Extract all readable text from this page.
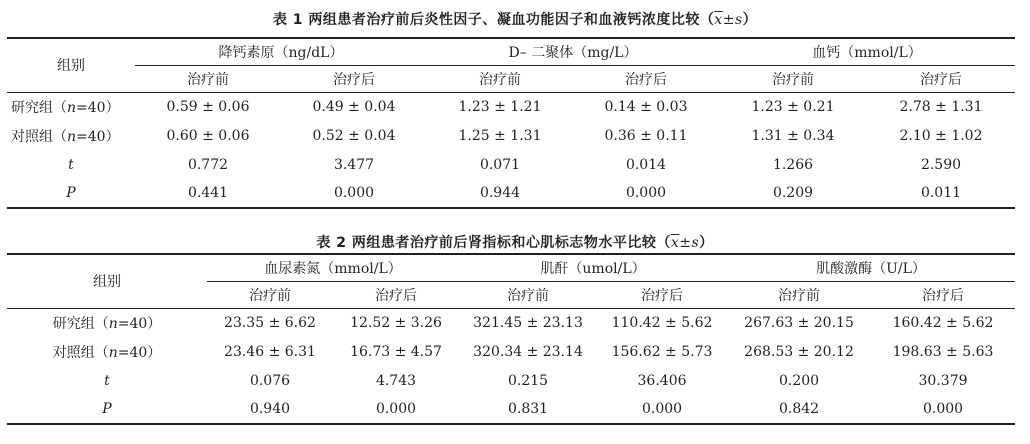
表 1 两组患者治疗前后炎性因子、凝血功能因子和血液钙浓度比较$(\overline{x}\pm s)$
组别	降钙素原（ng/dL）		D– 二聚体（mg/L）		血钙（mmol/L）	
	治疗前	治疗后	治疗前	治疗后	治疗前	治疗后
研究组（n=40）	0.59 ± 0.06	0.49 ± 0.04	1.23 ± 1.21	0.14 ± 0.03	1.23 ± 0.21	2.78 ± 1.31
对照组（n=40）	0.60 ± 0.06	0.52 ± 0.04	1.25 ± 1.31	0.36 ± 0.11	1.31 ± 0.34	2.10 ± 1.02
t	0.772	3.477	0.071	0.014	1.266	2.590
P	0.441	0.000	0.944	0.000	0.209	0.011
表 2 两组患者治疗前后肾指标和心肌标志物水平比较$(\overline{x}\pm s)$
组别	血尿素氮（mmol/L）		肌酐（umol/L）		肌酸激酶（U/L）	
	治疗前	治疗后	治疗前	治疗后	治疗前	治疗后
研究组（n=40）	23.35 ± 6.62	12.52 ± 3.26	321.45 ± 23.13	110.42 ± 5.62	267.63 ± 20.15	160.42 ± 5.62
对照组（n=40）	23.46 ± 6.31	16.73 ± 4.57	320.34 ± 23.14	156.62 ± 5.73	268.53 ± 20.12	198.63 ± 5.63
t	0.076	4.743	0.215	36.406	0.200	30.379
P	0.940	0.000	0.831	0.000	0.842	0.000
